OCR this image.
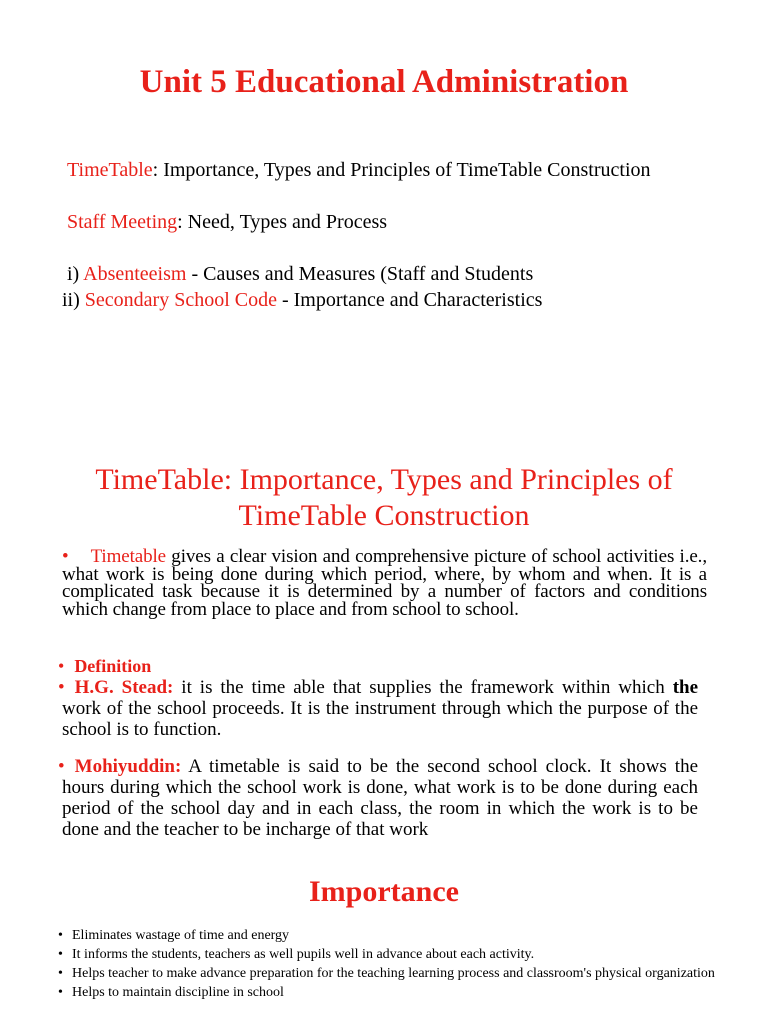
Unit 5 Educational Administration
TimeTable: Importance, Types and Principles of TimeTable Construction
Staff Meeting: Need, Types and Process
i) Absenteeism - Causes and Measures (Staff and Students
ii) Secondary School Code - Importance and Characteristics
TimeTable: Importance, Types and Principles of
TimeTable Construction
• Timetable gives a clear vision and comprehensive picture of school activities i.e., what work is being done during which period, where, by whom and when. It is a complicated task because it is determined by a number of factors and conditions which change from place to place and from school to school.
• Definition
• H.G. Stead: it is the time able that supplies the framework within which the work of the school proceeds. It is the instrument through which the purpose of the school is to function.
• Mohiyuddin: A timetable is said to be the second school clock. It shows the hours during which the school work is done, what work is to be done during each period of the school day and in each class, the room in which the work is to be done and the teacher to be incharge of that work
Importance
• Eliminates wastage of time and energy
• It informs the students, teachers as well pupils well in advance about each activity.
• Helps teacher to make advance preparation for the teaching learning process and classroom's physical organization
• Helps to maintain discipline in school
